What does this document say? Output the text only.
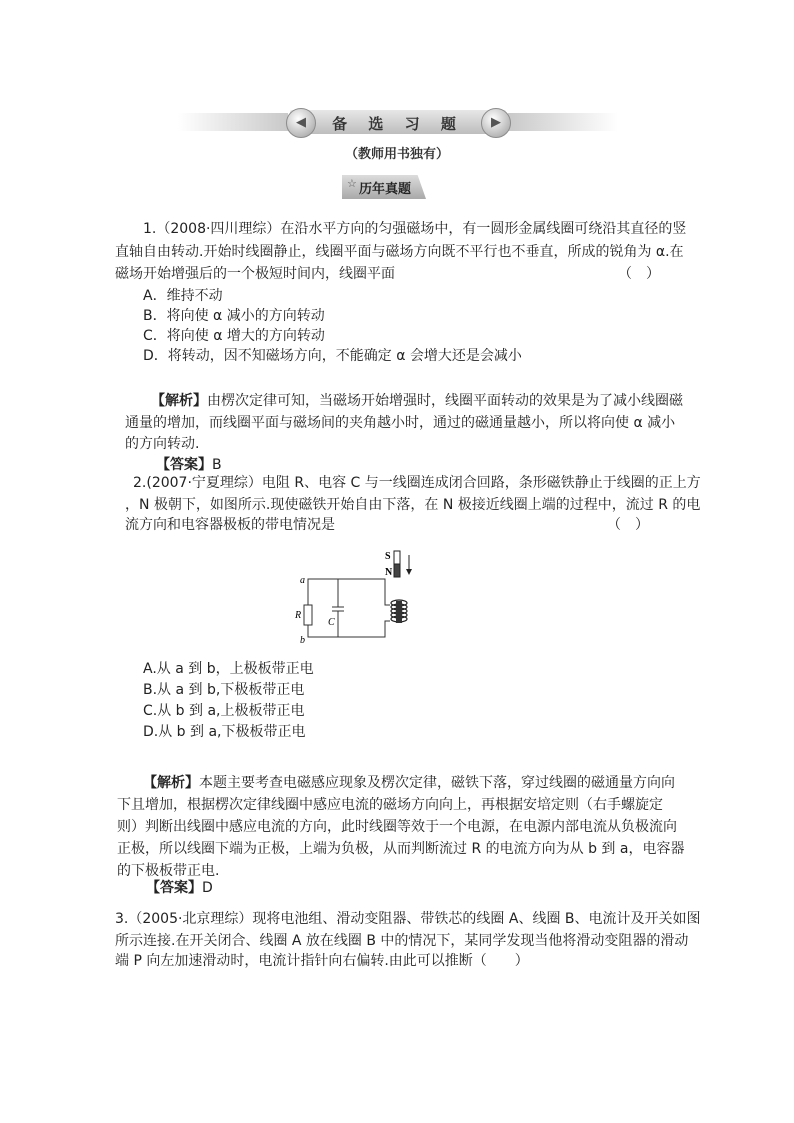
◀	▶
备 选 习 题
（教师用书独有）
☆ 历年真题
1.（2008·四川理综）在沿水平方向的匀强磁场中，有一圆形金属线圈可绕沿其直径的竖
直轴自由转动.开始时线圈静止，线圈平面与磁场方向既不平行也不垂直，所成的锐角为 α.在
磁场开始增强后的一个极短时间内，线圈平面	（　）
A．维持不动
B．将向使 α 减小的方向转动
C．将向使 α 增大的方向转动
D．将转动，因不知磁场方向，不能确定 α 会增大还是会减小
【解析】由楞次定律可知，当磁场开始增强时，线圈平面转动的效果是为了减小线圈磁
通量的增加，而线圈平面与磁场间的夹角越小时，通过的磁通量越小，所以将向使 α 减小
的方向转动.
【答案】B
2.(2007·宁夏理综）电阻 R、电容 C 与一线圈连成闭合回路，条形磁铁静止于线圈的正上方
，N 极朝下，如图所示.现使磁铁开始自由下落，在 N 极接近线圈上端的过程中，流过 R 的电
流方向和电容器极板的带电情况是	（　）
S
N
a
b
R
C
A.从 a 到 b，上极板带正电
B.从 a 到 b,下极板带正电
C.从 b 到 a,上极板带正电
D.从 b 到 a,下极板带正电
【解析】本题主要考查电磁感应现象及楞次定律，磁铁下落，穿过线圈的磁通量方向向
下且增加，根据楞次定律线圈中感应电流的磁场方向向上，再根据安培定则（右手螺旋定
则）判断出线圈中感应电流的方向，此时线圈等效于一个电源，在电源内部电流从负极流向
正极，所以线圈下端为正极，上端为负极，从而判断流过 R 的电流方向为从 b 到 a，电容器
的下极板带正电.
【答案】D
3.（2005·北京理综）现将电池组、滑动变阻器、带铁芯的线圈 A、线圈 B、电流计及开关如图
所示连接.在开关闭合、线圈 A 放在线圈 B 中的情况下，某同学发现当他将滑动变阻器的滑动
端 P 向左加速滑动时，电流计指针向右偏转.由此可以推断（　　）
